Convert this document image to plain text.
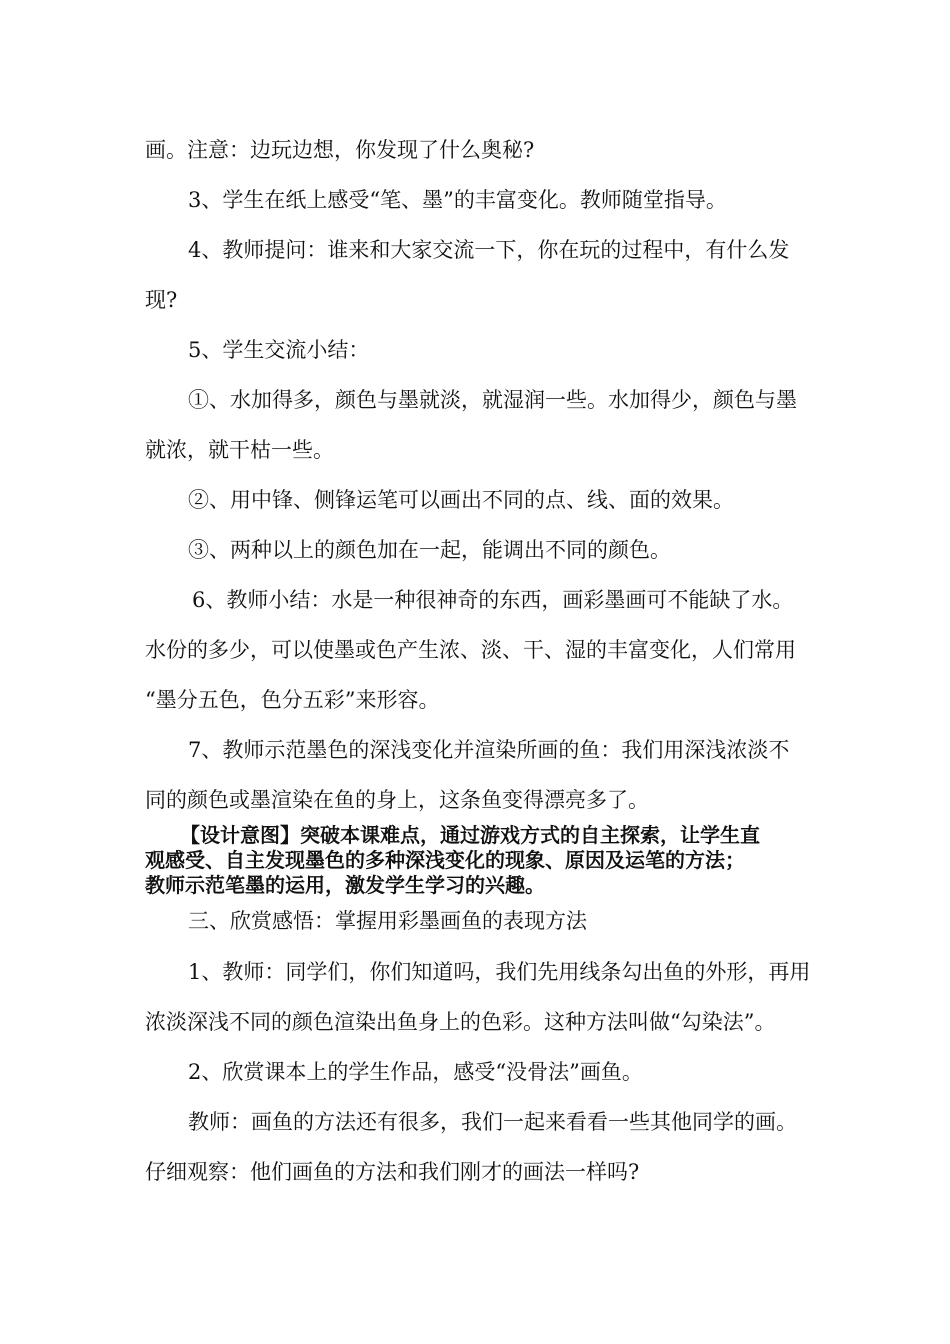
画。注意：边玩边想，你发现了什么奥秘?

3、学生在纸上感受“笔、墨”的丰富变化。教师随堂指导。

4、教师提问：谁来和大家交流一下，你在玩的过程中，有什么发

现?

5、学生交流小结：

①、水加得多，颜色与墨就淡，就湿润一些。水加得少，颜色与墨

就浓，就干枯一些。

②、用中锋、侧锋运笔可以画出不同的点、线、面的效果。

③、两种以上的颜色加在一起，能调出不同的颜色。

6、教师小结：水是一种很神奇的东西，画彩墨画可不能缺了水。

水份的多少，可以使墨或色产生浓、淡、干、湿的丰富变化，人们常用

“墨分五色，色分五彩”来形容。

7、教师示范墨色的深浅变化并渲染所画的鱼：我们用深浅浓淡不

同的颜色或墨渲染在鱼的身上，这条鱼变得漂亮多了。

【设计意图】突破本课难点，通过游戏方式的自主探索，让学生直

观感受、自主发现墨色的多种深浅变化的现象、原因及运笔的方法；

教师示范笔墨的运用，激发学生学习的兴趣。

三、欣赏感悟：掌握用彩墨画鱼的表现方法

1、教师：同学们，你们知道吗，我们先用线条勾出鱼的外形，再用

浓淡深浅不同的颜色渲染出鱼身上的色彩。这种方法叫做“勾染法”。

2、欣赏课本上的学生作品，感受“没骨法”画鱼。

教师：画鱼的方法还有很多，我们一起来看看一些其他同学的画。

仔细观察：他们画鱼的方法和我们刚才的画法一样吗?
